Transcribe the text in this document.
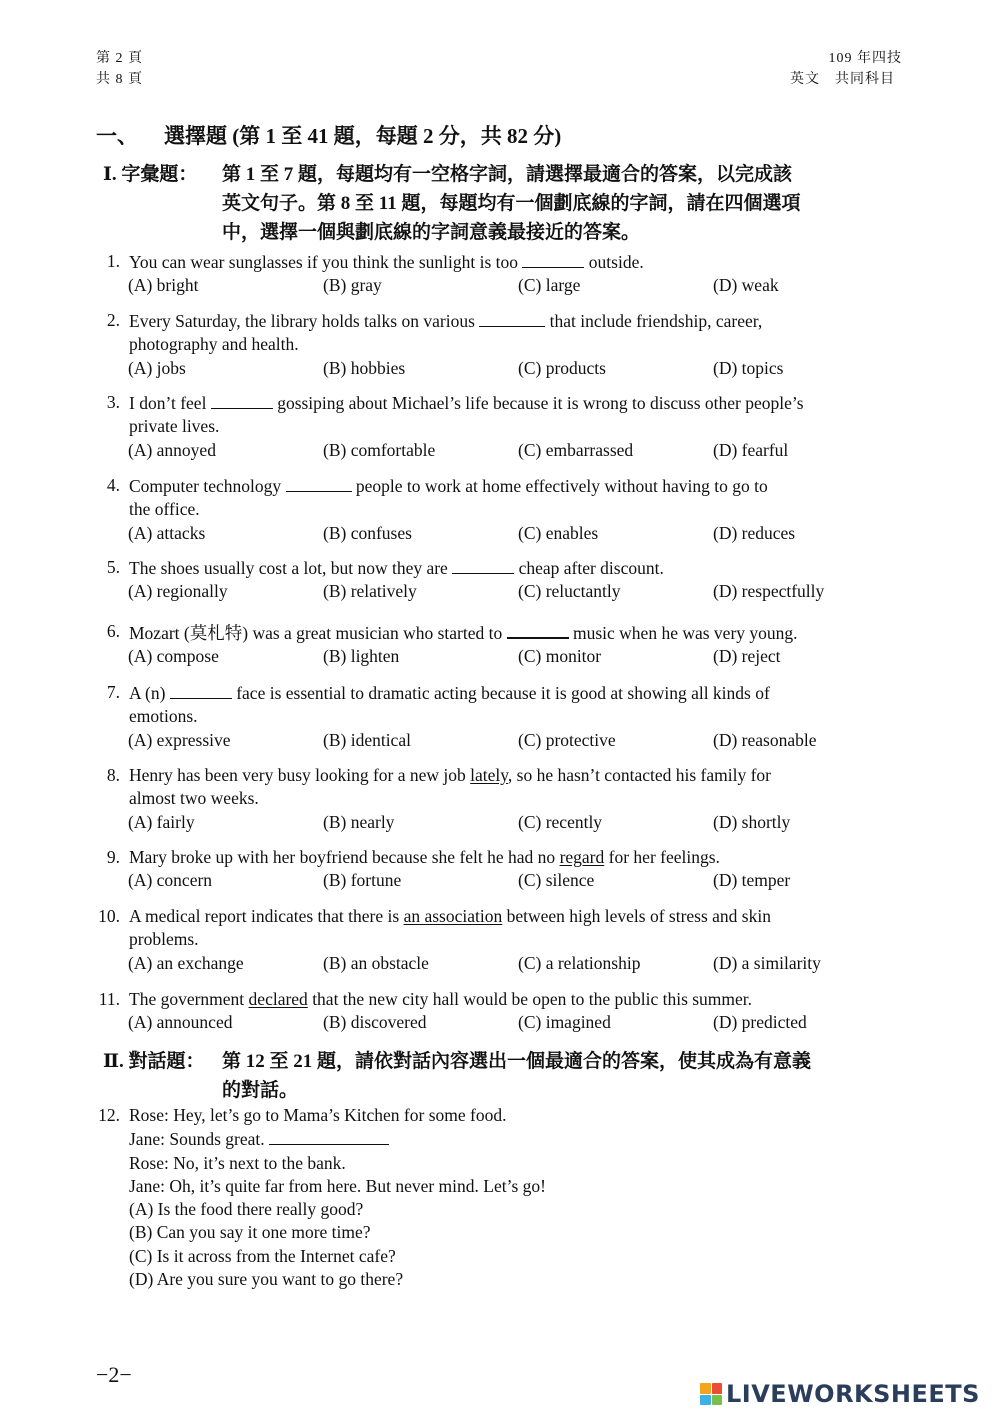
第 2 頁
共 8 頁
109 年四技
英文　共同科目
一、 選擇題 (第 1 至 41 題，每題 2 分，共 82 分)
Ⅰ. 字彙題： 第 1 至 7 題，每題均有一空格字詞，請選擇最適合的答案，以完成該
英文句子。第 8 至 11 題，每題均有一個劃底線的字詞，請在四個選項
中，選擇一個與劃底線的字詞意義最接近的答案。
1. You can wear sunglasses if you think the sunlight is too	outside.
(A) bright	(B) gray	(C) large	(D) weak
2. Every Saturday, the library holds talks on various	that include friendship, career,
photography and health.
(A) jobs	(B) hobbies	(C) products	(D) topics
3. I don’t feel	gossiping about Michael’s life because it is wrong to discuss other people’s
private lives.
(A) annoyed	(B) comfortable	(C) embarrassed	(D) fearful
4. Computer technology	people to work at home effectively without having to go to
the office.
(A) attacks	(B) confuses	(C) enables	(D) reduces
5. The shoes usually cost a lot, but now they are	cheap after discount.
(A) regionally	(B) relatively	(C) reluctantly	(D) respectfully
6. Mozart (莫札特) was a great musician who started to	music when he was very young.
(A) compose	(B) lighten	(C) monitor	(D) reject
7. A (n)	face is essential to dramatic acting because it is good at showing all kinds of
emotions.
(A) expressive	(B) identical	(C) protective	(D) reasonable
8. Henry has been very busy looking for a new job lately, so he hasn’t contacted his family for
almost two weeks.
(A) fairly	(B) nearly	(C) recently	(D) shortly
9. Mary broke up with her boyfriend because she felt he had no regard for her feelings.
(A) concern	(B) fortune	(C) silence	(D) temper
10. A medical report indicates that there is an association between high levels of stress and skin
problems.
(A) an exchange	(B) an obstacle	(C) a relationship	(D) a similarity
11. The government declared that the new city hall would be open to the public this summer.
(A) announced	(B) discovered	(C) imagined	(D) predicted
Ⅱ. 對話題： 第 12 至 21 題，請依對話內容選出一個最適合的答案，使其成為有意義
的對話。
12. Rose: Hey, let’s go to Mama’s Kitchen for some food.
Jane: Sounds great.
Rose: No, it’s next to the bank.
Jane: Oh, it’s quite far from here. But never mind. Let’s go!
(A) Is the food there really good?
(B) Can you say it one more time?
(C) Is it across from the Internet cafe?
(D) Are you sure you want to go there?
−2−
LIVEWORKSHEETS
